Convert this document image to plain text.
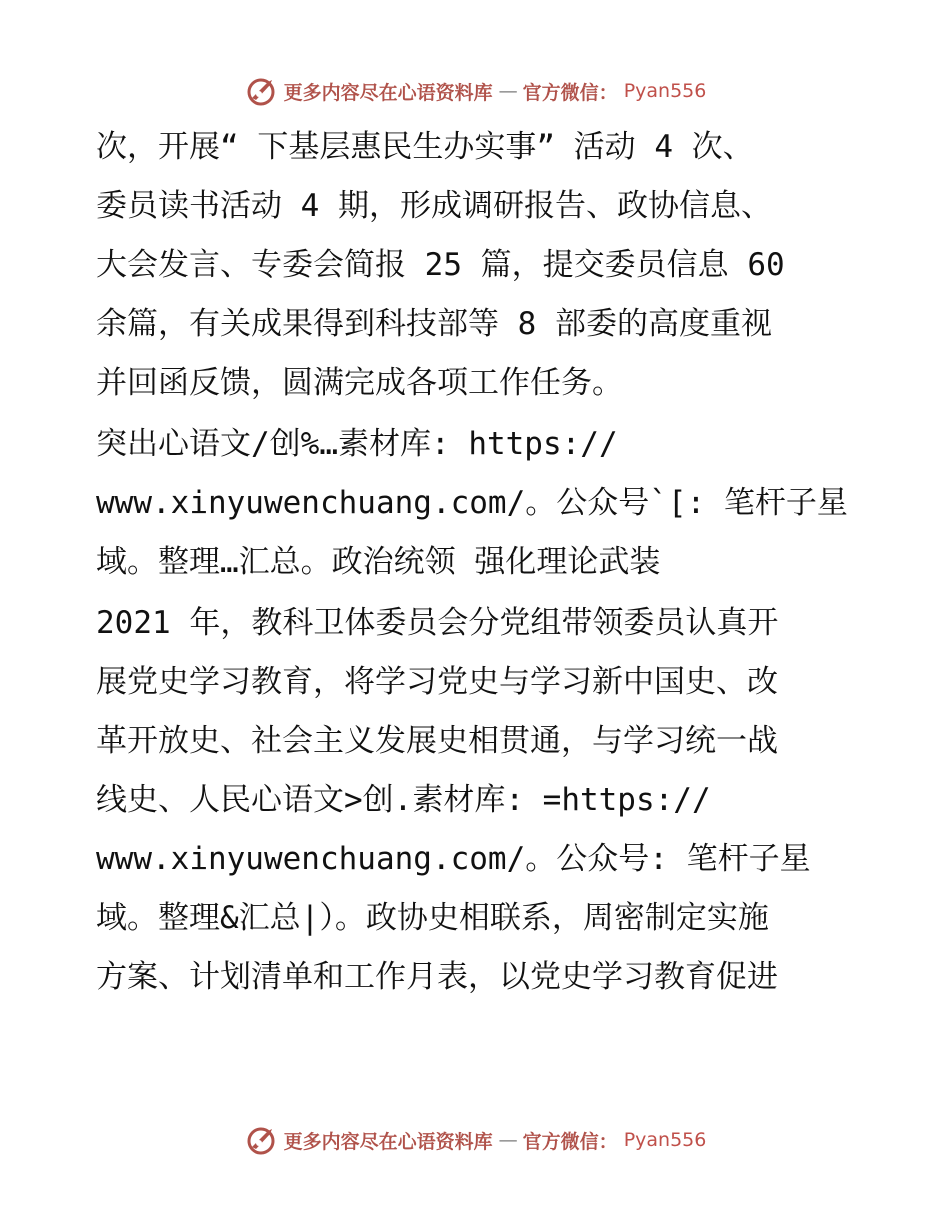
更多内容尽在心语资料库 — 官方微信： Pyan556
次，开展“ 下基层惠民生办实事” 活动 4 次、
委员读书活动 4 期，形成调研报告、政协信息、
大会发言、专委会简报 25 篇，提交委员信息 60
余篇，有关成果得到科技部等 8 部委的高度重视
并回函反馈，圆满完成各项工作任务。
突出心语文/创%…素材库: https://
www.xinyuwenchuang.com/。公众号`[: 笔杆子星
域。整理…汇总。政治统领 强化理论武装
2021 年，教科卫体委员会分党组带领委员认真开
展党史学习教育，将学习党史与学习新中国史、改
革开放史、社会主义发展史相贯通，与学习统一战
线史、人民心语文>创.素材库: =https://
www.xinyuwenchuang.com/。公众号: 笔杆子星
域。整理&汇总|）。政协史相联系，周密制定实施
方案、计划清单和工作月表，以党史学习教育促进
更多内容尽在心语资料库 — 官方微信： Pyan556
